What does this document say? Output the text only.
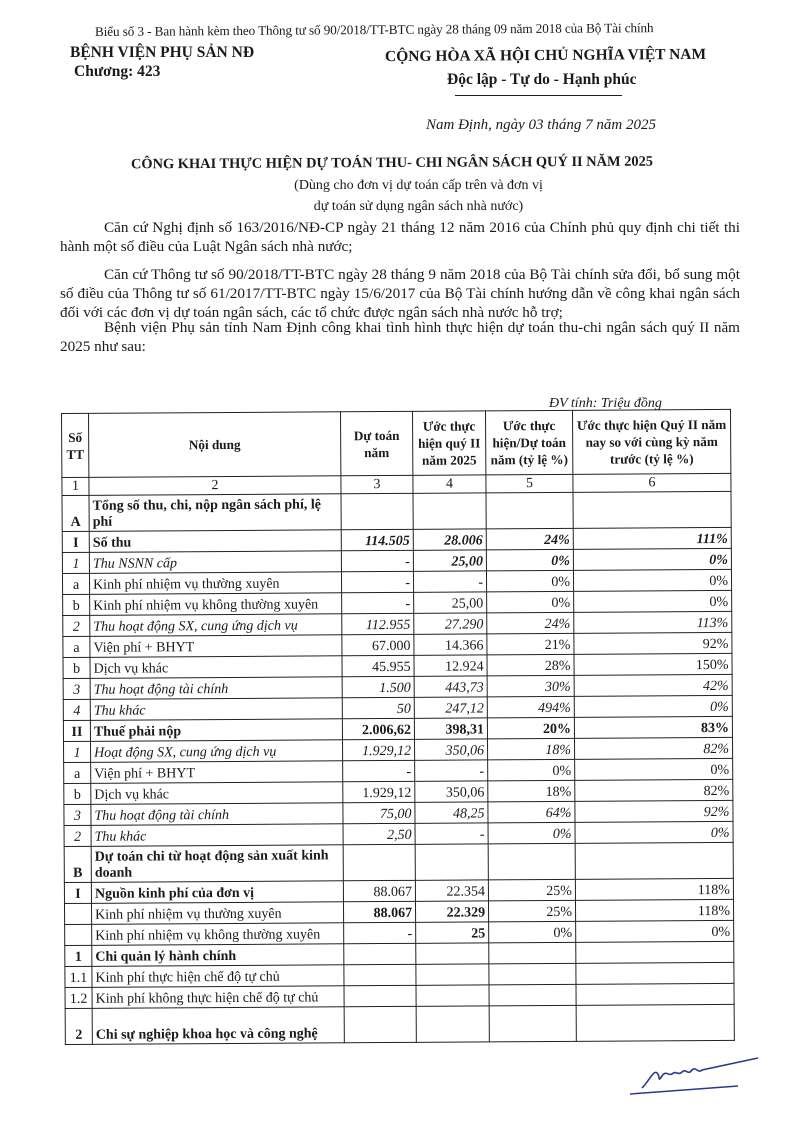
Biểu số 3 - Ban hành kèm theo Thông tư số 90/2018/TT-BTC ngày 28 tháng 09 năm 2018 của Bộ Tài chính
BỆNH VIỆN PHỤ SẢN NĐ
Chương: 423
CỘNG HÒA XÃ HỘI CHỦ NGHĨA VIỆT NAM
Độc lập - Tự do - Hạnh phúc
Nam Định, ngày 03 tháng 7 năm 2025
CÔNG KHAI THỰC HIỆN DỰ TOÁN THU- CHI NGÂN SÁCH QUÝ II NĂM 2025
(Dùng cho đơn vị dự toán cấp trên và đơn vị
dự toán sử dụng ngân sách nhà nước)
Căn cứ Nghị định số 163/2016/NĐ-CP ngày 21 tháng 12 năm 2016 của Chính phủ quy định chi tiết thi hành một số điều của Luật Ngân sách nhà nước;
Căn cứ Thông tư số 90/2018/TT-BTC ngày 28 tháng 9 năm 2018 của Bộ Tài chính sửa đổi, bổ sung một số điều của Thông tư số 61/2017/TT-BTC ngày 15/6/2017 của Bộ Tài chính hướng dẫn về công khai ngân sách đối với các đơn vị dự toán ngân sách, các tổ chức được ngân sách nhà nước hỗ trợ;
Bệnh viện Phụ sản tỉnh Nam Định công khai tình hình thực hiện dự toán thu-chi ngân sách quý II năm 2025 như sau:
ĐV tính: Triệu đồng
Số TT	Nội dung	Dự toán năm	Ước thực hiện quý II năm 2025	Ước thực hiện/Dự toán năm (tỷ lệ %)	Ước thực hiện Quý II năm nay so với cùng kỳ năm trước (tỷ lệ %)
1	2	3	4	5	6
A	Tổng số thu, chi, nộp ngân sách phí, lệ phí				
I	Số thu	114.505	28.006	24%	111%
1	Thu NSNN cấp	-	25,00	0%	0%
a	Kinh phí nhiệm vụ thường xuyên	-	-	0%	0%
b	Kinh phí nhiệm vụ không thường xuyên	-	25,00	0%	0%
2	Thu hoạt động SX, cung ứng dịch vụ	112.955	27.290	24%	113%
a	Viện phí + BHYT	67.000	14.366	21%	92%
b	Dịch vụ khác	45.955	12.924	28%	150%
3	Thu hoạt động tài chính	1.500	443,73	30%	42%
4	Thu khác	50	247,12	494%	0%
II	Thuế phải nộp	2.006,62	398,31	20%	83%
1	Hoạt động SX, cung ứng dịch vụ	1.929,12	350,06	18%	82%
a	Viện phí + BHYT	-	-	0%	0%
b	Dịch vụ khác	1.929,12	350,06	18%	82%
3	Thu hoạt động tài chính	75,00	48,25	64%	92%
2	Thu khác	2,50	-	0%	0%
B	Dự toán chi từ hoạt động sản xuất kinh doanh				
I	Nguồn kinh phí của đơn vị	88.067	22.354	25%	118%
	Kinh phí nhiệm vụ thường xuyên	88.067	22.329	25%	118%
	Kinh phí nhiệm vụ không thường xuyên	-	25	0%	0%
1	Chi quản lý hành chính				
1.1	Kinh phí thực hiện chế độ tự chủ				
1.2	Kinh phí không thực hiện chế độ tự chủ				
2	Chi sự nghiệp khoa học và công nghệ				
